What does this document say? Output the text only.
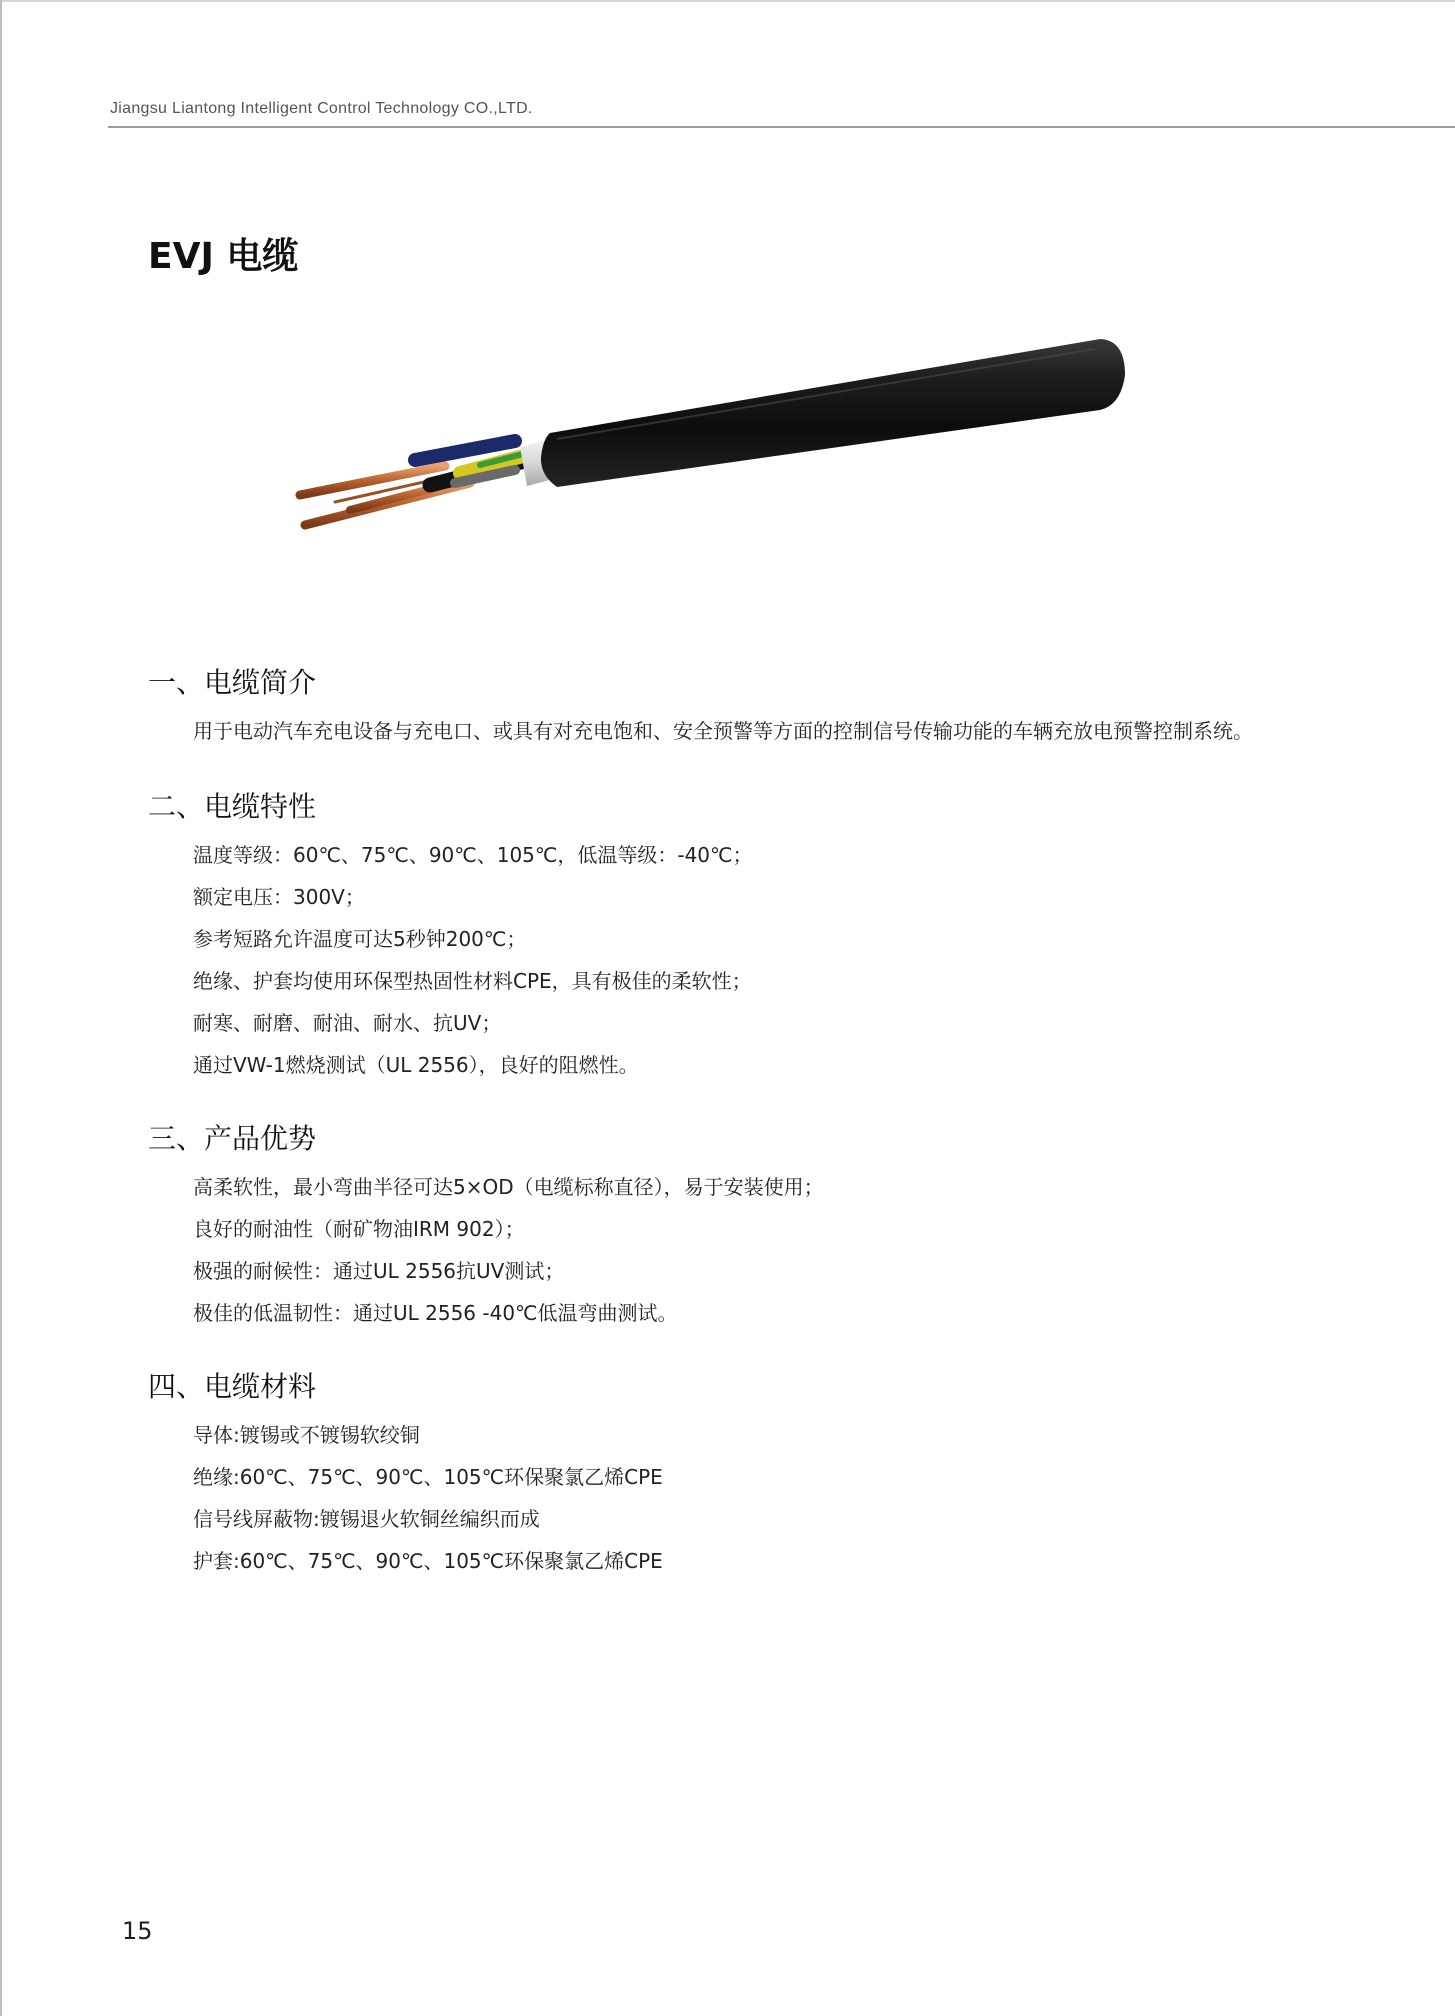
Jiangsu Liantong Intelligent Control Technology CO.,LTD.
EVJ 电缆
一、电缆简介
用于电动汽车充电设备与充电口、或具有对充电饱和、安全预警等方面的控制信号传输功能的车辆充放电预警控制系统。
二、电缆特性
温度等级：60℃、75℃、90℃、105℃，低温等级：-40℃；
额定电压：300V；
参考短路允许温度可达5秒钟200℃；
绝缘、护套均使用环保型热固性材料CPE，具有极佳的柔软性；
耐寒、耐磨、耐油、耐水、抗UV；
通过VW-1燃烧测试（UL 2556），良好的阻燃性。
三、产品优势
高柔软性，最小弯曲半径可达5×OD（电缆标称直径），易于安装使用；
良好的耐油性（耐矿物油IRM 902）；
极强的耐候性：通过UL 2556抗UV测试；
极佳的低温韧性：通过UL 2556 -40℃低温弯曲测试。
四、电缆材料
导体:镀锡或不镀锡软绞铜
绝缘:60℃、75℃、90℃、105℃环保聚氯乙烯CPE
信号线屏蔽物:镀锡退火软铜丝编织而成
护套:60℃、75℃、90℃、105℃环保聚氯乙烯CPE
15
